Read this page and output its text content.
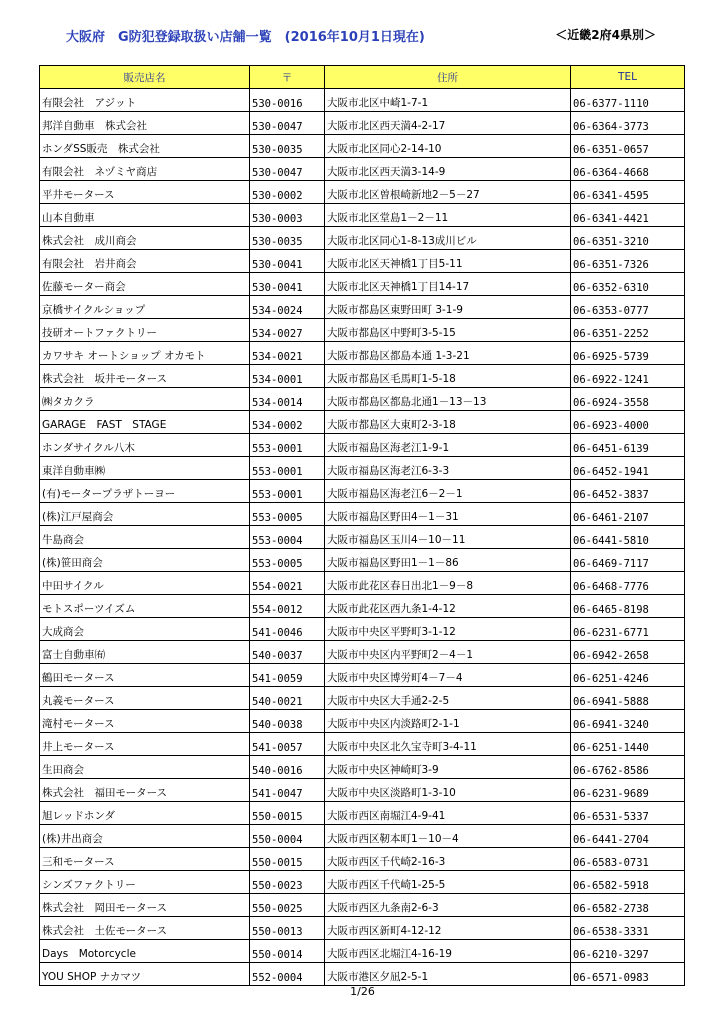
大阪府　G防犯登録取扱い店舗一覧　(2016年10月1日現在)	＜近畿2府4県別＞
販売店名	〒	住所	TEL
有限会社　アジット	530-0016	大阪市北区中崎1-7-1	06-6377-1110
邦洋自動車　株式会社	530-0047	大阪市北区西天満4-2-17	06-6364-3773
ホンダSS販売　株式会社	530-0035	大阪市北区同心2-14-10	06-6351-0657
有限会社　ネヅミヤ商店	530-0047	大阪市北区西天満3-14-9	06-6364-4668
平井モータース	530-0002	大阪市北区曽根崎新地2－5－27	06-6341-4595
山本自動車	530-0003	大阪市北区堂島1－2－11	06-6341-4421
株式会社　成川商会	530-0035	大阪市北区同心1-8-13成川ビル	06-6351-3210
有限会社　岩井商会	530-0041	大阪市北区天神橋1丁目5-11	06-6351-7326
佐藤モーター商会	530-0041	大阪市北区天神橋1丁目14-17	06-6352-6310
京橋サイクルショップ	534-0024	大阪市都島区東野田町 3-1-9	06-6353-0777
技研オートファクトリー	534-0027	大阪市都島区中野町3-5-15	06-6351-2252
カワサキ オートショップ オカモト	534-0021	大阪市都島区都島本通 1-3-21	06-6925-5739
株式会社　坂井モータース	534-0001	大阪市都島区毛馬町1-5-18	06-6922-1241
㈱タカクラ	534-0014	大阪市都島区都島北通1－13－13	06-6924-3558
GARAGE　FAST　STAGE	534-0002	大阪市都島区大東町2-3-18	06-6923-4000
ホンダサイクル八木	553-0001	大阪市福島区海老江1-9-1	06-6451-6139
東洋自動車㈱	553-0001	大阪市福島区海老江6-3-3	06-6452-1941
(有)モータープラザトーヨー	553-0001	大阪市福島区海老江6－2－1	06-6452-3837
(株)江戸屋商会	553-0005	大阪市福島区野田4－1－31	06-6461-2107
牛島商会	553-0004	大阪市福島区玉川4－10－11	06-6441-5810
(株)笹田商会	553-0005	大阪市福島区野田1－1－86	06-6469-7117
中田サイクル	554-0021	大阪市此花区春日出北1－9－8	06-6468-7776
モトスポーツイズム	554-0012	大阪市此花区西九条1-4-12	06-6465-8198
大成商会	541-0046	大阪市中央区平野町3-1-12	06-6231-6771
富士自動車㈲	540-0037	大阪市中央区内平野町2－4－1	06-6942-2658
鶴田モータース	541-0059	大阪市中央区博労町4－7－4	06-6251-4246
丸義モータース	540-0021	大阪市中央区大手通2-2-5	06-6941-5888
滝村モータース	540-0038	大阪市中央区内淡路町2-1-1	06-6941-3240
井上モータース	541-0057	大阪市中央区北久宝寺町3-4-11	06-6251-1440
生田商会	540-0016	大阪市中央区神崎町3-9	06-6762-8586
株式会社　福田モータース	541-0047	大阪市中央区淡路町1-3-10	06-6231-9689
旭レッドホンダ	550-0015	大阪市西区南堀江4-9-41	06-6531-5337
(株)井出商会	550-0004	大阪市西区靭本町1－10－4	06-6441-2704
三和モータース	550-0015	大阪市西区千代崎2-16-3	06-6583-0731
シンズファクトリー	550-0023	大阪市西区千代崎1-25-5	06-6582-5918
株式会社　岡田モータース	550-0025	大阪市西区九条南2-6-3	06-6582-2738
株式会社　土佐モータース	550-0013	大阪市西区新町4-12-12	06-6538-3331
Days　Motorcycle	550-0014	大阪市西区北堀江4-16-19	06-6210-3297
YOU SHOP ナカマツ	552-0004	大阪市港区夕凪2-5-1	06-6571-0983
1/26
